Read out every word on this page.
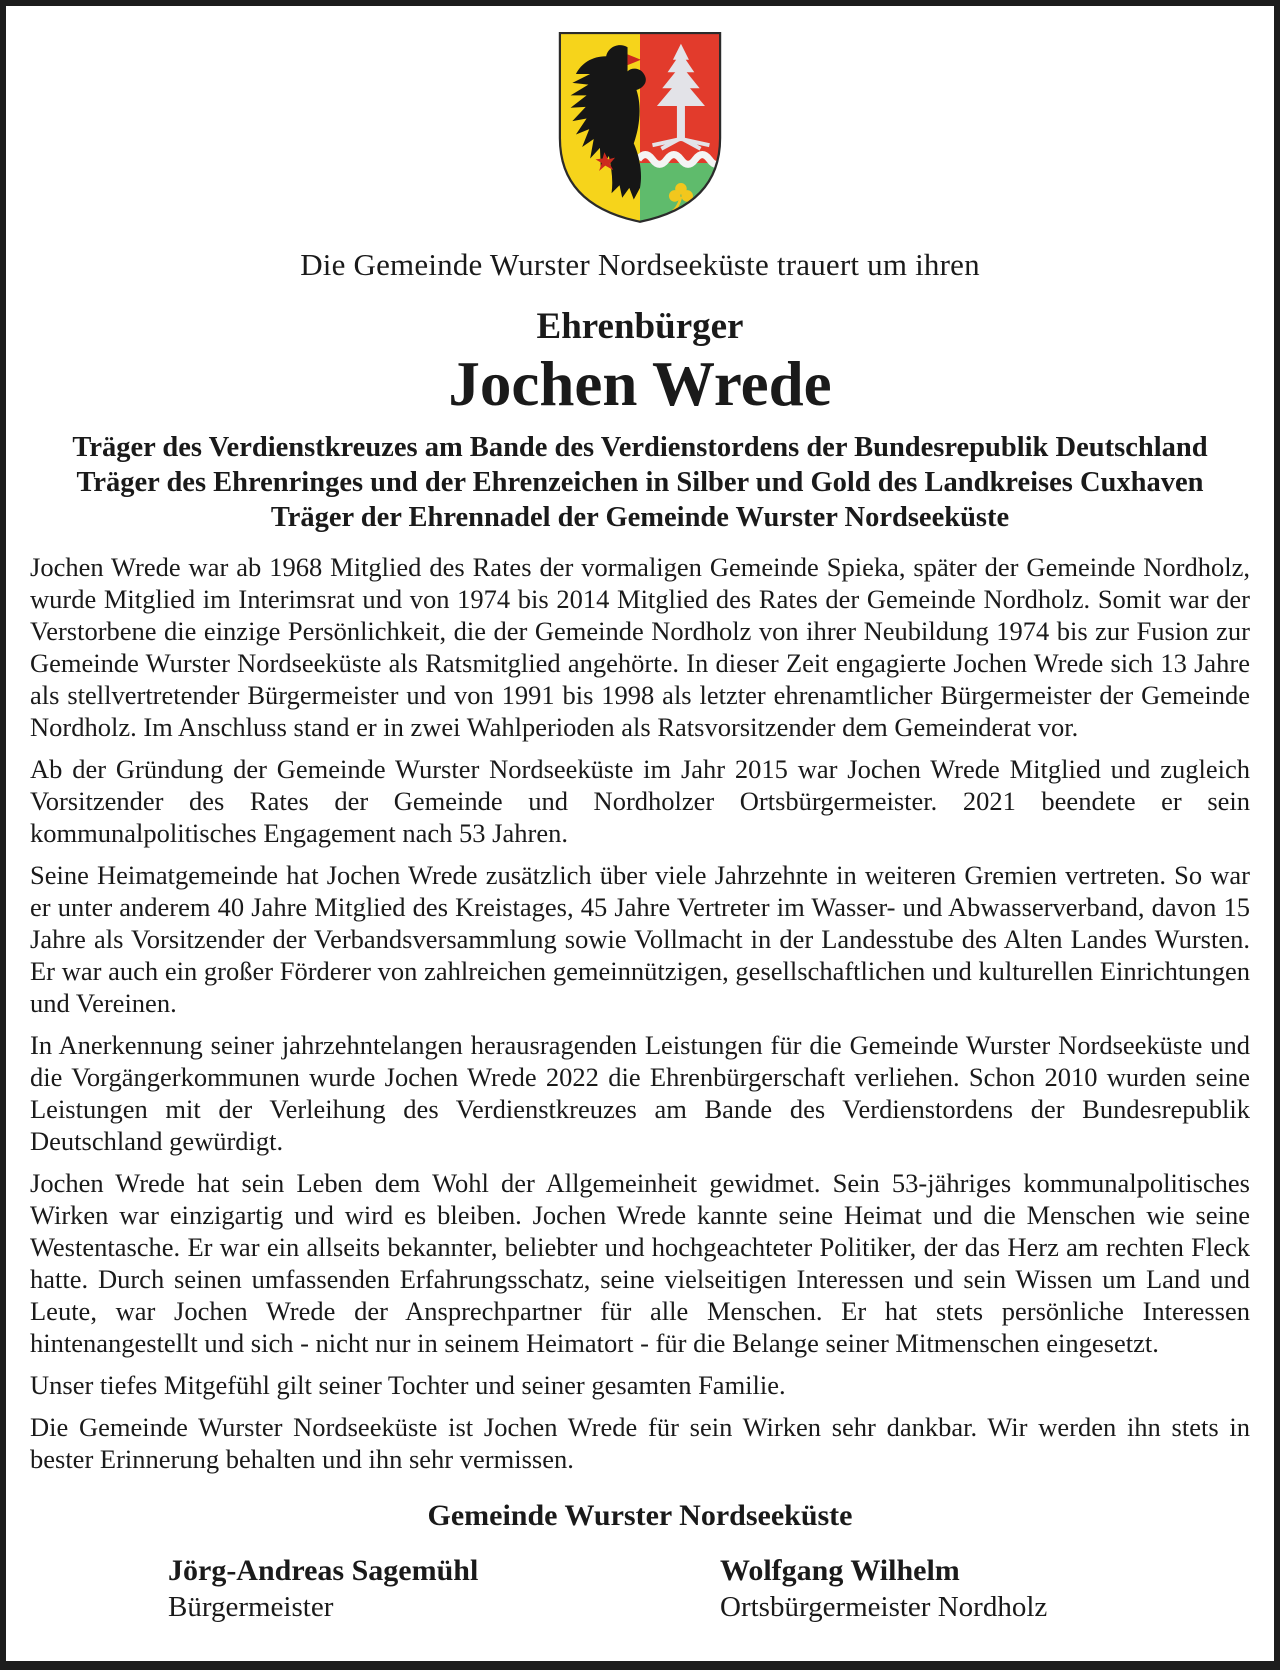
Die Gemeinde Wurster Nordseeküste trauert um ihren
Ehrenbürger
Jochen Wrede
Träger des Verdienstkreuzes am Bande des Verdienstordens der Bundesrepublik Deutschland
Träger des Ehrenringes und der Ehrenzeichen in Silber und Gold des Landkreises Cuxhaven
Träger der Ehrennadel der Gemeinde Wurster Nordseeküste

Jochen Wrede war ab 1968 Mitglied des Rates der vormaligen Gemeinde Spieka, später der Gemeinde Nordholz, wurde Mitglied im Interimsrat und von 1974 bis 2014 Mitglied des Rates der Gemeinde Nordholz. Somit war der Verstorbene die einzige Persönlichkeit, die der Gemeinde Nordholz von ihrer Neubildung 1974 bis zur Fusion zur Gemeinde Wurster Nordseeküste als Ratsmitglied angehörte. In dieser Zeit engagierte Jochen Wrede sich 13 Jahre als stellvertretender Bürgermeister und von 1991 bis 1998 als letzter ehrenamtlicher Bürgermeister der Gemeinde Nordholz. Im Anschluss stand er in zwei Wahlperioden als Ratsvorsitzender dem Gemeinderat vor.

Ab der Gründung der Gemeinde Wurster Nordseeküste im Jahr 2015 war Jochen Wrede Mitglied und zugleich Vorsitzender des Rates der Gemeinde und Nordholzer Ortsbürgermeister. 2021 beendete er sein kommunalpolitisches Engagement nach 53 Jahren.

Seine Heimatgemeinde hat Jochen Wrede zusätzlich über viele Jahrzehnte in weiteren Gremien vertreten. So war er unter anderem 40 Jahre Mitglied des Kreistages, 45 Jahre Vertreter im Wasser- und Abwasserverband, davon 15 Jahre als Vorsitzender der Verbandsversammlung sowie Vollmacht in der Landesstube des Alten Landes Wursten. Er war auch ein großer Förderer von zahlreichen gemeinnützigen, gesellschaftlichen und kulturellen Einrichtungen und Vereinen.

In Anerkennung seiner jahrzehntelangen herausragenden Leistungen für die Gemeinde Wurster Nordseeküste und die Vorgängerkommunen wurde Jochen Wrede 2022 die Ehrenbürgerschaft verliehen. Schon 2010 wurden seine Leistungen mit der Verleihung des Verdienstkreuzes am Bande des Verdienstordens der Bundesrepublik Deutschland gewürdigt.

Jochen Wrede hat sein Leben dem Wohl der Allgemeinheit gewidmet. Sein 53-jähriges kommunalpolitisches Wirken war einzigartig und wird es bleiben. Jochen Wrede kannte seine Heimat und die Menschen wie seine Westentasche. Er war ein allseits bekannter, beliebter und hochgeachteter Politiker, der das Herz am rechten Fleck hatte. Durch seinen umfassenden Erfahrungsschatz, seine vielseitigen Interessen und sein Wissen um Land und Leute, war Jochen Wrede der Ansprechpartner für alle Menschen. Er hat stets persönliche Interessen hintenangestellt und sich - nicht nur in seinem Heimatort - für die Belange seiner Mitmenschen eingesetzt.

Unser tiefes Mitgefühl gilt seiner Tochter und seiner gesamten Familie.

Die Gemeinde Wurster Nordseeküste ist Jochen Wrede für sein Wirken sehr dankbar. Wir werden ihn stets in bester Erinnerung behalten und ihn sehr vermissen.

Gemeinde Wurster Nordseeküste
Jörg-Andreas Sagemühl
Bürgermeister
Wolfgang Wilhelm
Ortsbürgermeister Nordholz
